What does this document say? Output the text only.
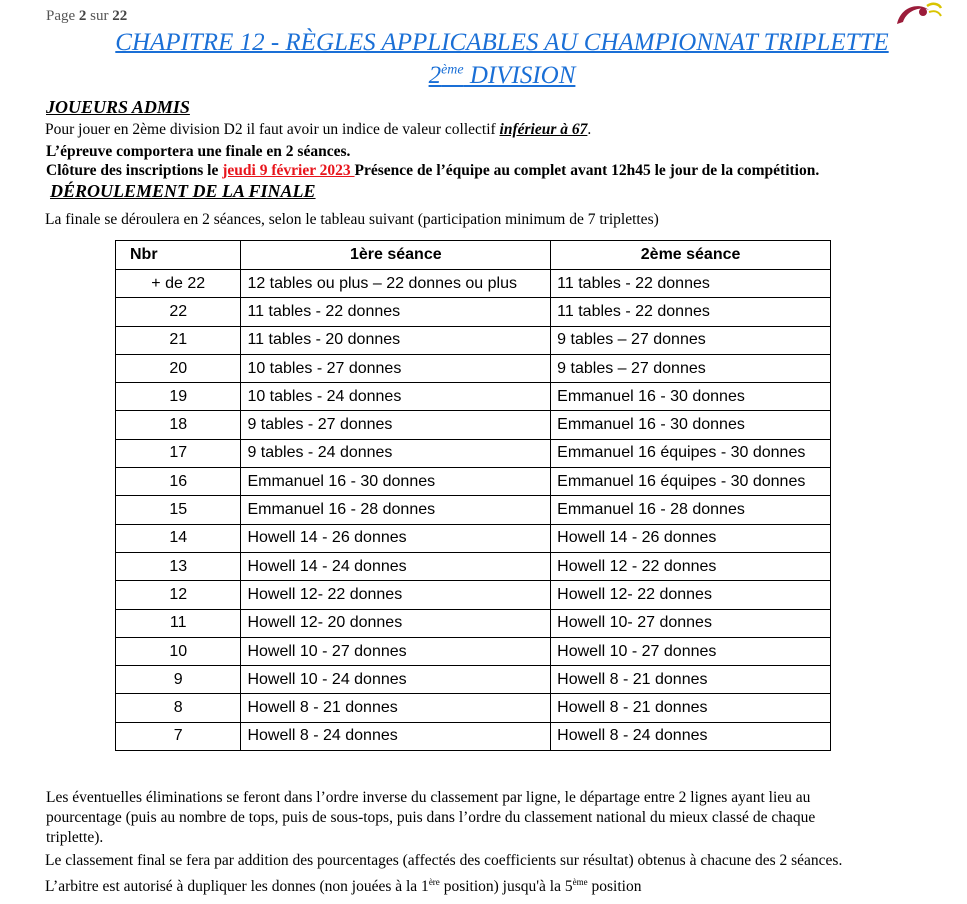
Page 2 sur 22
CHAPITRE 12 - RÈGLES APPLICABLES AU CHAMPIONNAT TRIPLETTE
2ème DIVISION
JOUEURS ADMIS
Pour jouer en 2ème division D2 il faut avoir un indice de valeur collectif inférieur à 67.
L’épreuve comportera une finale en 2 séances.
Clôture des inscriptions le jeudi 9 février 2023 Présence de l’équipe au complet avant 12h45 le jour de la compétition.
DÉROULEMENT DE LA FINALE
La finale se déroulera en 2 séances, selon le tableau suivant (participation minimum de 7 triplettes)
Nbr	1ère séance	2ème séance
+ de 22	12 tables ou plus – 22 donnes ou plus	11 tables - 22 donnes
22	11 tables - 22 donnes	11 tables - 22 donnes
21	11 tables - 20 donnes	9 tables – 27 donnes
20	10 tables - 27 donnes	9 tables – 27 donnes
19	10 tables - 24 donnes	Emmanuel 16 - 30 donnes
18	9 tables - 27 donnes	Emmanuel 16 - 30 donnes
17	9 tables - 24 donnes	Emmanuel 16 équipes - 30 donnes
16	Emmanuel 16 - 30 donnes	Emmanuel 16 équipes - 30 donnes
15	Emmanuel 16 - 28 donnes	Emmanuel 16 - 28 donnes
14	Howell 14 - 26 donnes	Howell 14 - 26 donnes
13	Howell 14 - 24 donnes	Howell 12 - 22 donnes
12	Howell 12- 22 donnes	Howell 12- 22 donnes
11	Howell 12- 20 donnes	Howell 10- 27 donnes
10	Howell 10 - 27 donnes	Howell 10 - 27 donnes
9	Howell 10 - 24 donnes	Howell 8 - 21 donnes
8	Howell 8 - 21 donnes	Howell 8 - 21 donnes
7	Howell 8 - 24 donnes	Howell 8 - 24 donnes
Les éventuelles éliminations se feront dans l’ordre inverse du classement par ligne, le départage entre 2 lignes ayant lieu au
pourcentage (puis au nombre de tops, puis de sous-tops, puis dans l’ordre du classement national du mieux classé de chaque
triplette).
Le classement final se fera par addition des pourcentages (affectés des coefficients sur résultat) obtenus à chacune des 2 séances.
L’arbitre est autorisé à dupliquer les donnes (non jouées à la 1ère position) jusqu'à la 5ème position
